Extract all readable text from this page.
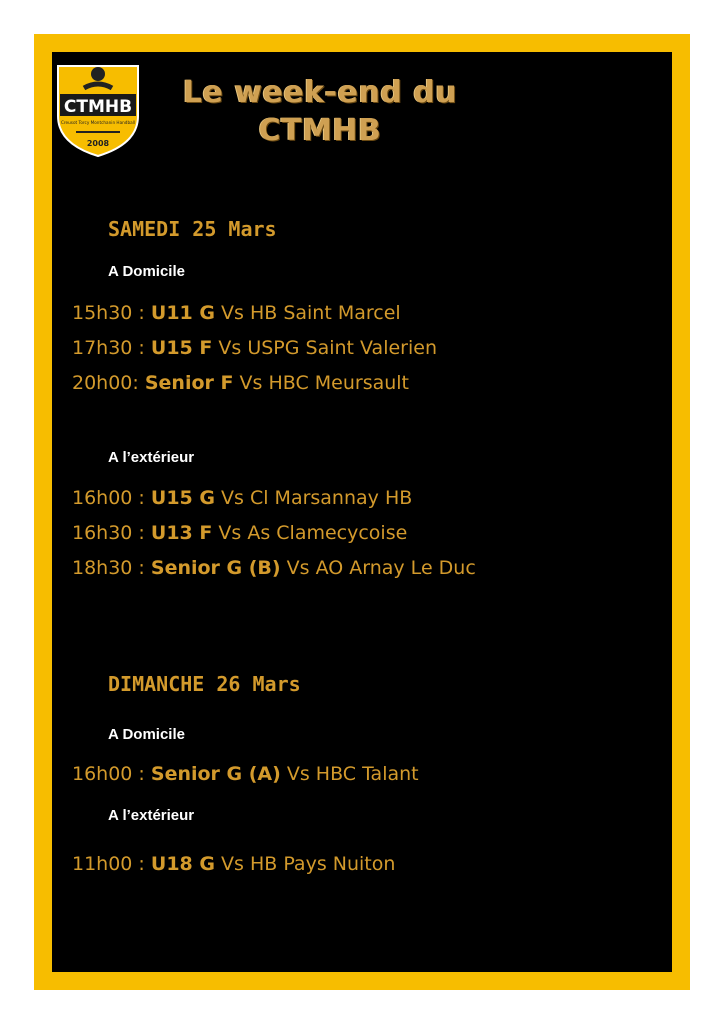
CTMHB
Creusot Torcy Montchanin Handball
2008
Le week-end du
CTMHB
SAMEDI 25 Mars
A Domicile
15h30 : U11 G Vs HB Saint Marcel
17h30 : U15 F Vs USPG Saint Valerien
20h00: Senior F Vs HBC Meursault
A l’extérieur
16h00 : U15 G Vs Cl Marsannay HB
16h30 : U13 F Vs As Clamecycoise
18h30 : Senior G (B) Vs AO Arnay Le Duc
DIMANCHE 26 Mars
A Domicile
16h00 : Senior G (A) Vs HBC Talant
A l’extérieur
11h00 : U18 G Vs HB Pays Nuiton
